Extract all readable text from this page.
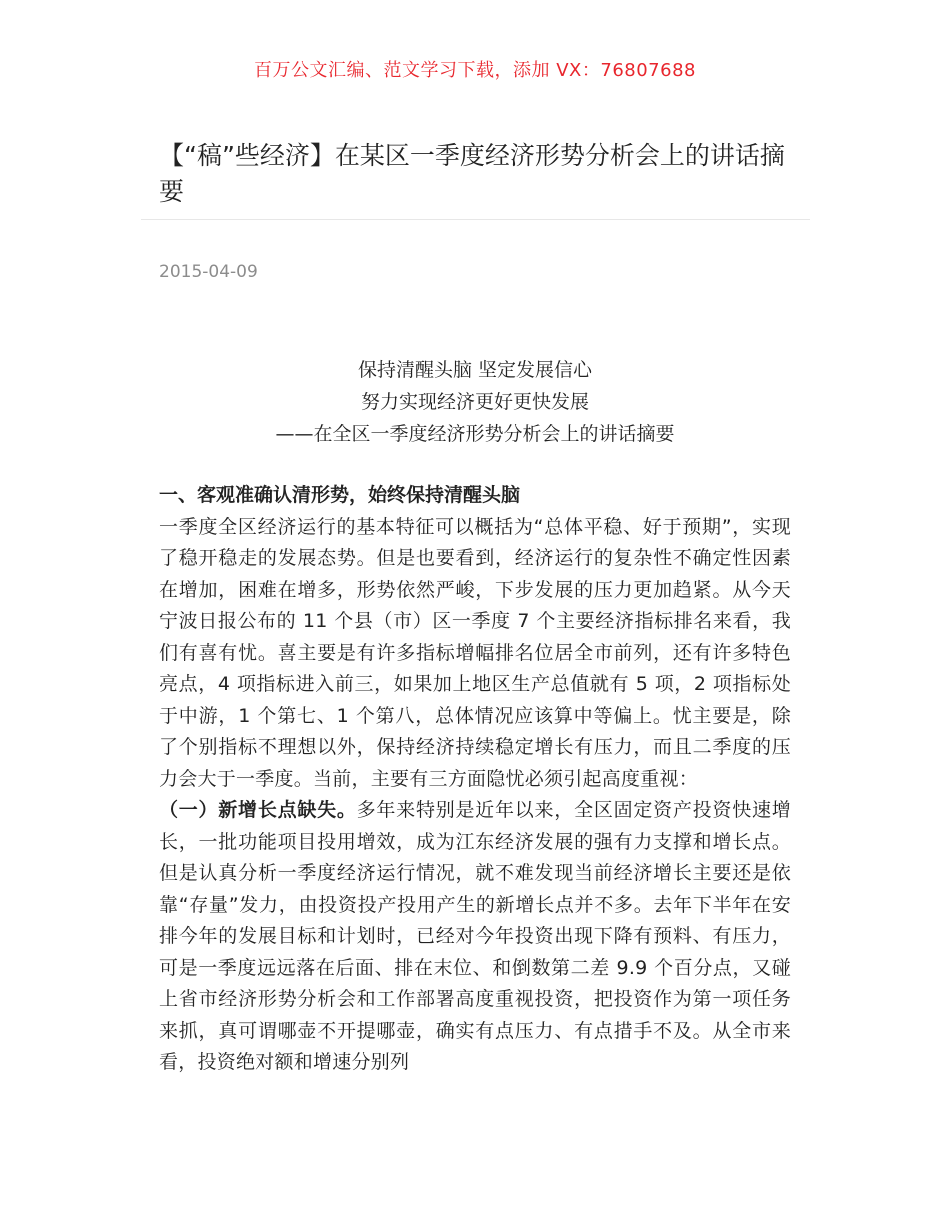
百万公文汇编、范文学习下载，添加 VX：76807688
【“稿”些经济】在某区一季度经济形势分析会上的讲话摘要
2015-04-09
保持清醒头脑 坚定发展信心
努力实现经济更好更快发展
——在全区一季度经济形势分析会上的讲话摘要

一、客观准确认清形势，始终保持清醒头脑

一季度全区经济运行的基本特征可以概括为“总体平稳、好于预期”，实现了稳开稳走的发展态势。但是也要看到，经济运行的复杂性不确定性因素在增加，困难在增多，形势依然严峻，下步发展的压力更加趋紧。从今天宁波日报公布的 11 个县（市）区一季度 7 个主要经济指标排名来看，我们有喜有忧。喜主要是有许多指标增幅排名位居全市前列，还有许多特色亮点，4 项指标进入前三，如果加上地区生产总值就有 5 项，2 项指标处于中游，1 个第七、1 个第八，总体情况应该算中等偏上。忧主要是，除了个别指标不理想以外，保持经济持续稳定增长有压力，而且二季度的压力会大于一季度。当前，主要有三方面隐忧必须引起高度重视：

（一）新增长点缺失。多年来特别是近年以来，全区固定资产投资快速增长，一批功能项目投用增效，成为江东经济发展的强有力支撑和增长点。但是认真分析一季度经济运行情况，就不难发现当前经济增长主要还是依靠“存量”发力，由投资投产投用产生的新增长点并不多。去年下半年在安排今年的发展目标和计划时，已经对今年投资出现下降有预料、有压力，可是一季度远远落在后面、排在末位、和倒数第二差 9.9 个百分点，又碰上省市经济形势分析会和工作部署高度重视投资，把投资作为第一项任务来抓，真可谓哪壶不开提哪壶，确实有点压力、有点措手不及。从全市来看，投资绝对额和增速分别列
